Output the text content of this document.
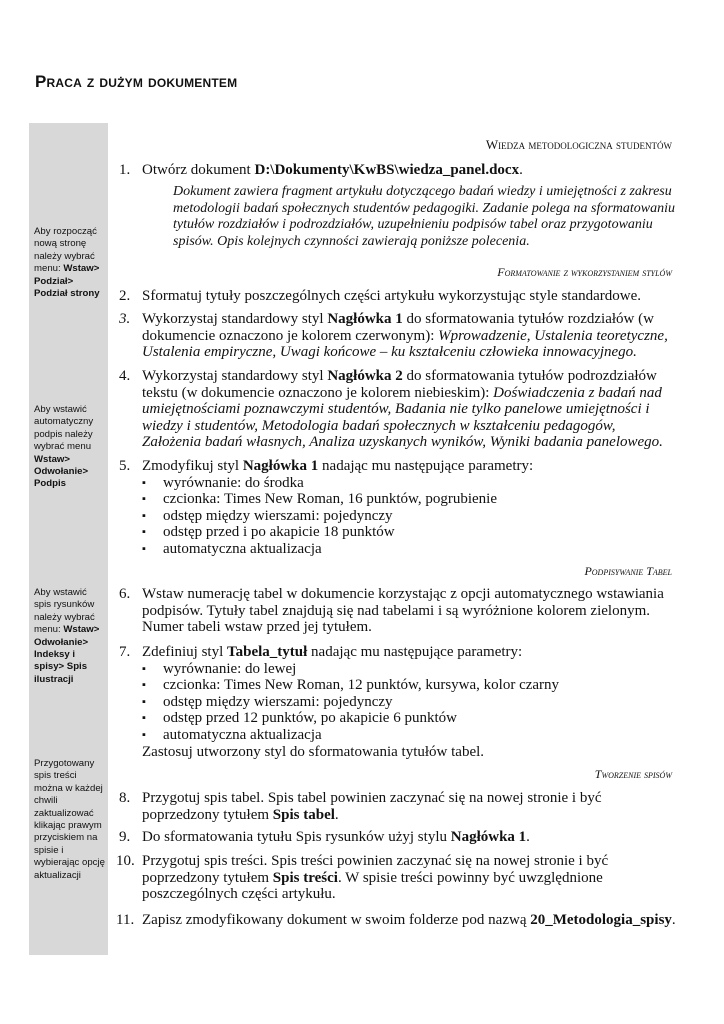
Praca z dużym dokumentem
Aby rozpocząć nową stronę należy wybrać menu: Wstaw> Podział> Podział strony
Aby wstawić automatyczny podpis należy wybrać menu Wstaw> Odwołanie> Podpis
Aby wstawić spis rysunków należy wybrać menu: Wstaw> Odwołanie> Indeksy i spisy> Spis ilustracji
Przygotowany spis treści można w każdej chwili zaktualizować klikając prawym przyciskiem na spisie i wybierając opcję aktualizacji
Wiedza metodologiczna studentów
1. Otwórz dokument D:\Dokumenty\KwBS\wiedza_panel.docx.
Dokument zawiera fragment artykułu dotyczącego badań wiedzy i umiejętności z zakresu metodologii badań społecznych studentów pedagogiki. Zadanie polega na sformatowaniu tytułów rozdziałów i podrozdziałów, uzupełnieniu podpisów tabel oraz przygotowaniu spisów. Opis kolejnych czynności zawierają poniższe polecenia.
Formatowanie z wykorzystaniem stylów
2. Sformatuj tytuły poszczególnych części artykułu wykorzystując style standardowe.
3. Wykorzystaj standardowy styl Nagłówka 1 do sformatowania tytułów rozdziałów (w dokumencie oznaczono je kolorem czerwonym): Wprowadzenie, Ustalenia teoretyczne, Ustalenia empiryczne, Uwagi końcowe – ku kształceniu człowieka innowacyjnego.
4. Wykorzystaj standardowy styl Nagłówka 2 do sformatowania tytułów podrozdziałów tekstu (w dokumencie oznaczono je kolorem niebieskim): Doświadczenia z badań nad umiejętnościami poznawczymi studentów, Badania nie tylko panelowe umiejętności i wiedzy i studentów, Metodologia badań społecznych w kształceniu pedagogów, Założenia badań własnych, Analiza uzyskanych wyników, Wyniki badania panelowego.
5. Zmodyfikuj styl Nagłówka 1 nadając mu następujące parametry:
▪ wyrównanie: do środka
▪ czcionka: Times New Roman, 16 punktów, pogrubienie
▪ odstęp między wierszami: pojedynczy
▪ odstęp przed i po akapicie 18 punktów
▪ automatyczna aktualizacja
Podpisywanie Tabel
6. Wstaw numerację tabel w dokumencie korzystając z opcji automatycznego wstawiania podpisów. Tytuły tabel znajdują się nad tabelami i są wyróżnione kolorem zielonym. Numer tabeli wstaw przed jej tytułem.
7. Zdefiniuj styl Tabela_tytuł nadając mu następujące parametry:
▪ wyrównanie: do lewej
▪ czcionka: Times New Roman, 12 punktów, kursywa, kolor czarny
▪ odstęp między wierszami: pojedynczy
▪ odstęp przed 12 punktów, po akapicie 6 punktów
▪ automatyczna aktualizacja
Zastosuj utworzony styl do sformatowania tytułów tabel.
Tworzenie spisów
8. Przygotuj spis tabel. Spis tabel powinien zaczynać się na nowej stronie i być poprzedzony tytułem Spis tabel.
9. Do sformatowania tytułu Spis rysunków użyj stylu Nagłówka 1.
10. Przygotuj spis treści. Spis treści powinien zaczynać się na nowej stronie i być poprzedzony tytułem Spis treści. W spisie treści powinny być uwzględnione poszczególnych części artykułu.
11. Zapisz zmodyfikowany dokument w swoim folderze pod nazwą 20_Metodologia_spisy.
